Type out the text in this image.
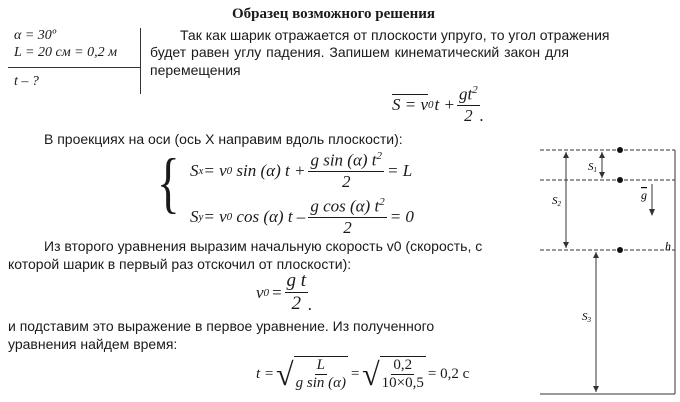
Образец возможного решения
α = 30º
L = 20 см = 0,2 м
t – ?
Так как шарик отражается от плоскости упруго, то угол отражения
будет равен углу падения. Запишем кинематический закон для
перемещения
S = v 0 $t + \frac{gt^2}{2}$ .
В проекциях на оси (ось X направим вдоль плоскости):
{ S x = v 0 sin (α) $t + \frac{g \sin (\alpha) t^2}{2} = L$
S y = v 0 cos (α) $t - \frac{g \cos (\alpha) t^2}{2} = 0$
Из второго уравнения выразим начальную скорость v0 (скорость, с
которой шарик в первый раз отскочил от плоскости):
v $0 = \frac{\text{g t}}{2}$ .
и подставим это выражение в первое уравнение. Из полученного
уравнения найдем время:
t = √ $\frac{L}{\text{g sin (α)}}$ = √ $\frac{0,2}{10\times 0,5} = 0,2$ c
S1
S2
S3
g
h
